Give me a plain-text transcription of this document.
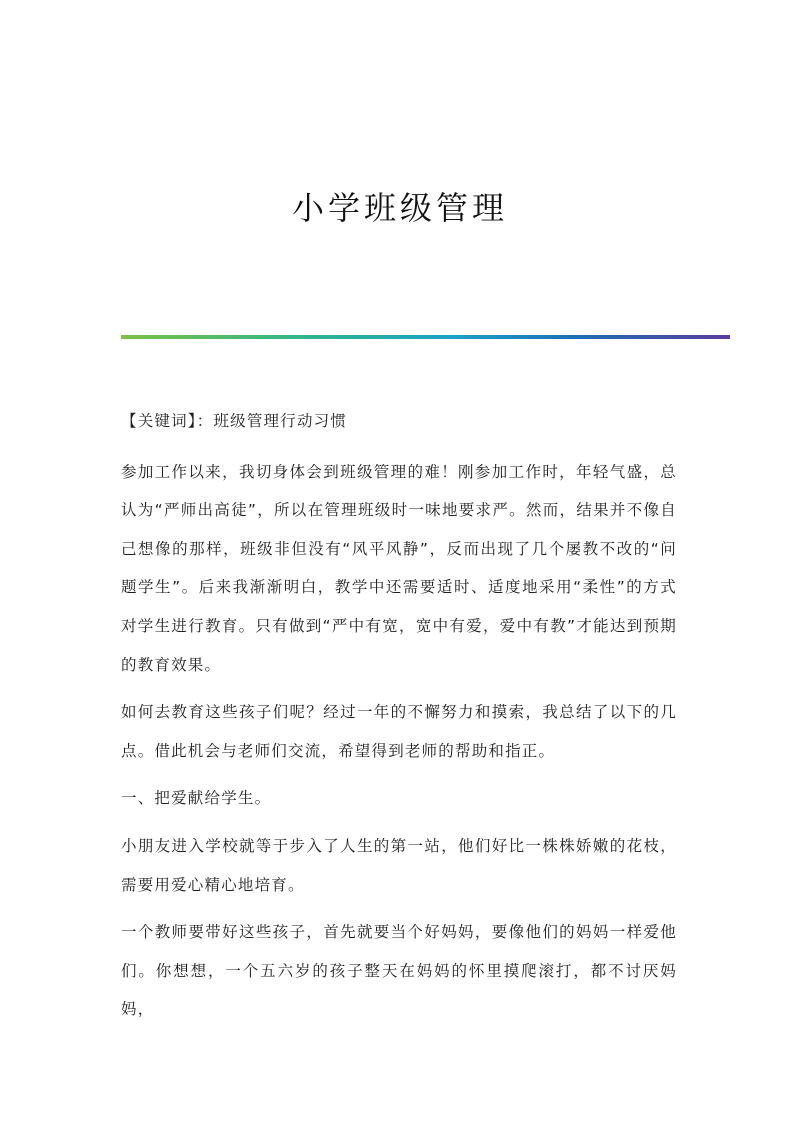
小学班级管理

【关键词】：班级管理行动习惯

参加工作以来，我切身体会到班级管理的难！刚参加工作时，年轻气盛，总认为“严师出高徒”，所以在管理班级时一味地要求严。然而，结果并不像自己想像的那样，班级非但没有“风平风静”，反而出现了几个屡教不改的“问题学生”。后来我渐渐明白，教学中还需要适时、适度地采用“柔性”的方式对学生进行教育。只有做到“严中有宽，宽中有爱，爱中有教”才能达到预期的教育效果。

如何去教育这些孩子们呢？经过一年的不懈努力和摸索，我总结了以下的几点。借此机会与老师们交流，希望得到老师的帮助和指正。

一、把爱献给学生。

小朋友进入学校就等于步入了人生的第一站，他们好比一株株娇嫩的花枝，需要用爱心精心地培育。

一个教师要带好这些孩子，首先就要当个好妈妈，要像他们的妈妈一样爱他们。你想想，一个五六岁的孩子整天在妈妈的怀里摸爬滚打，都不讨厌妈妈，
